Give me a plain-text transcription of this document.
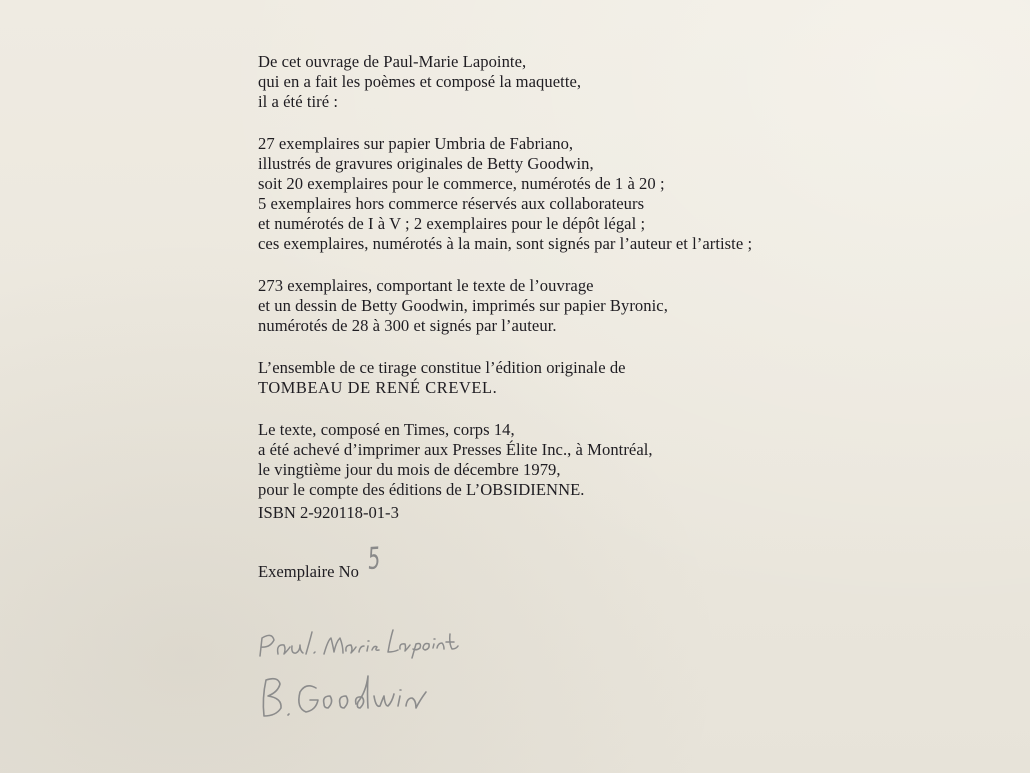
De cet ouvrage de Paul-Marie Lapointe,
qui en a fait les poèmes et composé la maquette,
il a été tiré :
27 exemplaires sur papier Umbria de Fabriano,
illustrés de gravures originales de Betty Goodwin,
soit 20 exemplaires pour le commerce, numérotés de 1 à 20 ;
5 exemplaires hors commerce réservés aux collaborateurs
et numérotés de I à V ; 2 exemplaires pour le dépôt légal ;
ces exemplaires, numérotés à la main, sont signés par l’auteur et l’artiste ;
273 exemplaires, comportant le texte de l’ouvrage
et un dessin de Betty Goodwin, imprimés sur papier Byronic,
numérotés de 28 à 300 et signés par l’auteur.
L’ensemble de ce tirage constitue l’édition originale de
TOMBEAU DE RENÉ CREVEL.
Le texte, composé en Times, corps 14,
a été achevé d’imprimer aux Presses Élite Inc., à Montréal,
le vingtième jour du mois de décembre 1979,
pour le compte des éditions de L’OBSIDIENNE.
ISBN 2-920118-01-3
Exemplaire No 5
